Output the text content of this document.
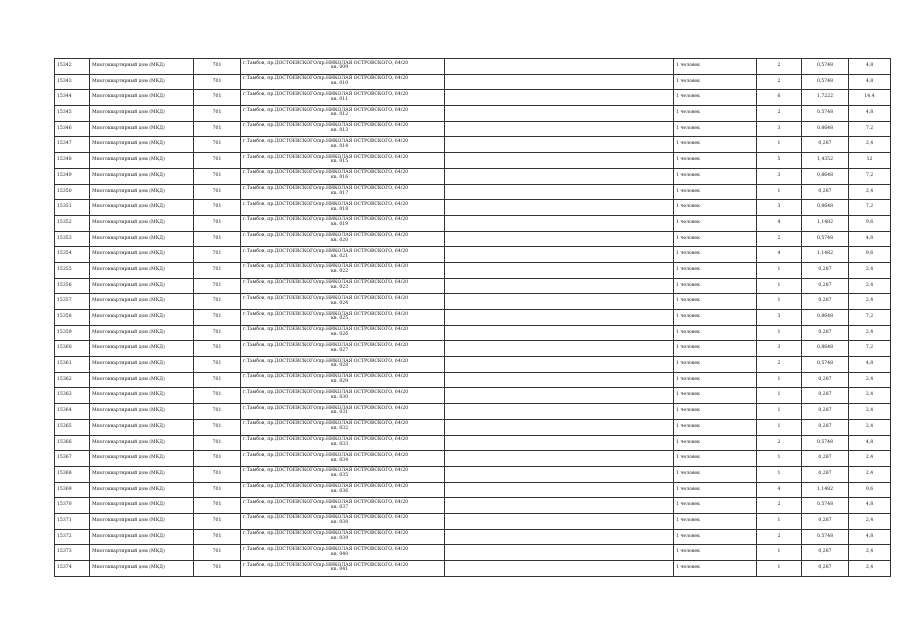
15342	Многоквартирный дом (МКД)	701	г.Тамбов, пр.ДОСТОЕВСКОГО/пр.НИКОЛАЯ ОСТРОВСКОГО, 64/20
кв. 009		1 человек	2	0,5748	4,8
15343	Многоквартирный дом (МКД)	701	г.Тамбов, пр.ДОСТОЕВСКОГО/пр.НИКОЛАЯ ОСТРОВСКОГО, 64/20
кв. 010		1 человек	2	0,5748	4,8
15344	Многоквартирный дом (МКД)	701	г.Тамбов, пр.ДОСТОЕВСКОГО/пр.НИКОЛАЯ ОСТРОВСКОГО, 64/20
кв. 011		1 человек	6	1,7222	14,4
15345	Многоквартирный дом (МКД)	701	г.Тамбов, пр.ДОСТОЕВСКОГО/пр.НИКОЛАЯ ОСТРОВСКОГО, 64/20
кв. 012		1 человек	2	0,5748	4,8
15346	Многоквартирный дом (МКД)	701	г.Тамбов, пр.ДОСТОЕВСКОГО/пр.НИКОЛАЯ ОСТРОВСКОГО, 64/20
кв. 013		1 человек	3	0,8648	7,2
15347	Многоквартирный дом (МКД)	701	г.Тамбов, пр.ДОСТОЕВСКОГО/пр.НИКОЛАЯ ОСТРОВСКОГО, 64/20
кв. 014		1 человек	1	0,287	2,4
15348	Многоквартирный дом (МКД)	701	г.Тамбов, пр.ДОСТОЕВСКОГО/пр.НИКОЛАЯ ОСТРОВСКОГО, 64/20
кв. 015		1 человек	5	1,4352	12
15349	Многоквартирный дом (МКД)	701	г.Тамбов, пр.ДОСТОЕВСКОГО/пр.НИКОЛАЯ ОСТРОВСКОГО, 64/20
кв. 016		1 человек	3	0,8648	7,2
15350	Многоквартирный дом (МКД)	701	г.Тамбов, пр.ДОСТОЕВСКОГО/пр.НИКОЛАЯ ОСТРОВСКОГО, 64/20
кв. 017		1 человек	1	0,287	2,4
15351	Многоквартирный дом (МКД)	701	г.Тамбов, пр.ДОСТОЕВСКОГО/пр.НИКОЛАЯ ОСТРОВСКОГО, 64/20
кв. 018		1 человек	3	0,8648	7,2
15352	Многоквартирный дом (МКД)	701	г.Тамбов, пр.ДОСТОЕВСКОГО/пр.НИКОЛАЯ ОСТРОВСКОГО, 64/20
кв. 019		1 человек	4	1,1482	9,6
15353	Многоквартирный дом (МКД)	701	г.Тамбов, пр.ДОСТОЕВСКОГО/пр.НИКОЛАЯ ОСТРОВСКОГО, 64/20
кв. 020		1 человек	2	0,5748	4,8
15354	Многоквартирный дом (МКД)	701	г.Тамбов, пр.ДОСТОЕВСКОГО/пр.НИКОЛАЯ ОСТРОВСКОГО, 64/20
кв. 021		1 человек	4	1,1482	9,6
15355	Многоквартирный дом (МКД)	701	г.Тамбов, пр.ДОСТОЕВСКОГО/пр.НИКОЛАЯ ОСТРОВСКОГО, 64/20
кв. 022		1 человек	1	0,287	2,4
15356	Многоквартирный дом (МКД)	701	г.Тамбов, пр.ДОСТОЕВСКОГО/пр.НИКОЛАЯ ОСТРОВСКОГО, 64/20
кв. 023		1 человек	1	0,287	2,4
15357	Многоквартирный дом (МКД)	701	г.Тамбов, пр.ДОСТОЕВСКОГО/пр.НИКОЛАЯ ОСТРОВСКОГО, 64/20
кв. 024		1 человек	1	0,287	2,4
15358	Многоквартирный дом (МКД)	701	г.Тамбов, пр.ДОСТОЕВСКОГО/пр.НИКОЛАЯ ОСТРОВСКОГО, 64/20
кв. 025		1 человек	3	0,8648	7,2
15359	Многоквартирный дом (МКД)	701	г.Тамбов, пр.ДОСТОЕВСКОГО/пр.НИКОЛАЯ ОСТРОВСКОГО, 64/20
кв. 026		1 человек	1	0,287	2,4
15360	Многоквартирный дом (МКД)	701	г.Тамбов, пр.ДОСТОЕВСКОГО/пр.НИКОЛАЯ ОСТРОВСКОГО, 64/20
кв. 027		1 человек	3	0,8648	7,2
15361	Многоквартирный дом (МКД)	701	г.Тамбов, пр.ДОСТОЕВСКОГО/пр.НИКОЛАЯ ОСТРОВСКОГО, 64/20
кв. 028		1 человек	2	0,5748	4,8
15362	Многоквартирный дом (МКД)	701	г.Тамбов, пр.ДОСТОЕВСКОГО/пр.НИКОЛАЯ ОСТРОВСКОГО, 64/20
кв. 029		1 человек	1	0,287	2,4
15363	Многоквартирный дом (МКД)	701	г.Тамбов, пр.ДОСТОЕВСКОГО/пр.НИКОЛАЯ ОСТРОВСКОГО, 64/20
кв. 030		1 человек	1	0,287	2,4
15364	Многоквартирный дом (МКД)	701	г.Тамбов, пр.ДОСТОЕВСКОГО/пр.НИКОЛАЯ ОСТРОВСКОГО, 64/20
кв. 031		1 человек	1	0,287	2,4
15365	Многоквартирный дом (МКД)	701	г.Тамбов, пр.ДОСТОЕВСКОГО/пр.НИКОЛАЯ ОСТРОВСКОГО, 64/20
кв. 032		1 человек	1	0,287	2,4
15366	Многоквартирный дом (МКД)	701	г.Тамбов, пр.ДОСТОЕВСКОГО/пр.НИКОЛАЯ ОСТРОВСКОГО, 64/20
кв. 033		1 человек	2	0,5748	4,8
15367	Многоквартирный дом (МКД)	701	г.Тамбов, пр.ДОСТОЕВСКОГО/пр.НИКОЛАЯ ОСТРОВСКОГО, 64/20
кв. 034		1 человек	1	0,287	2,4
15368	Многоквартирный дом (МКД)	701	г.Тамбов, пр.ДОСТОЕВСКОГО/пр.НИКОЛАЯ ОСТРОВСКОГО, 64/20
кв. 035		1 человек	1	0,287	2,4
15369	Многоквартирный дом (МКД)	701	г.Тамбов, пр.ДОСТОЕВСКОГО/пр.НИКОЛАЯ ОСТРОВСКОГО, 64/20
кв. 036		1 человек	4	1,1482	9,6
15370	Многоквартирный дом (МКД)	701	г.Тамбов, пр.ДОСТОЕВСКОГО/пр.НИКОЛАЯ ОСТРОВСКОГО, 64/20
кв. 037		1 человек	2	0,5748	4,8
15371	Многоквартирный дом (МКД)	701	г.Тамбов, пр.ДОСТОЕВСКОГО/пр.НИКОЛАЯ ОСТРОВСКОГО, 64/20
кв. 038		1 человек	1	0,287	2,4
15372	Многоквартирный дом (МКД)	701	г.Тамбов, пр.ДОСТОЕВСКОГО/пр.НИКОЛАЯ ОСТРОВСКОГО, 64/20
кв. 039		1 человек	2	0,5748	4,8
15373	Многоквартирный дом (МКД)	701	г.Тамбов, пр.ДОСТОЕВСКОГО/пр.НИКОЛАЯ ОСТРОВСКОГО, 64/20
кв. 040		1 человек	1	0,287	2,4
15374	Многоквартирный дом (МКД)	701	г.Тамбов, пр.ДОСТОЕВСКОГО/пр.НИКОЛАЯ ОСТРОВСКОГО, 64/20
кв. 041		1 человек	1	0,287	2,4
